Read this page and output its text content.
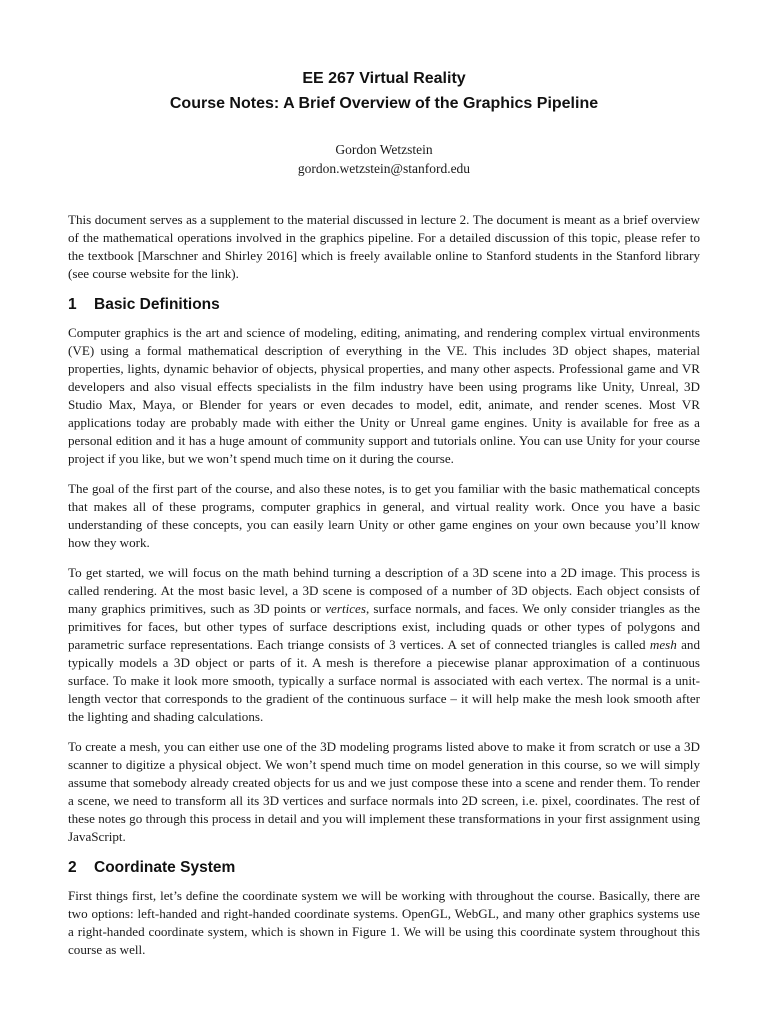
EE 267 Virtual Reality
Course Notes: A Brief Overview of the Graphics Pipeline
Gordon Wetzstein
gordon.wetzstein@stanford.edu

This document serves as a supplement to the material discussed in lecture 2. The document is meant as a brief overview of the mathematical operations involved in the graphics pipeline. For a detailed discussion of this topic, please refer to the textbook [Marschner and Shirley 2016] which is freely available online to Stanford students in the Stanford library (see course website for the link).

1 Basic Definitions

Computer graphics is the art and science of modeling, editing, animating, and rendering complex virtual environments (VE) using a formal mathematical description of everything in the VE. This includes 3D object shapes, material properties, lights, dynamic behavior of objects, physical properties, and many other aspects. Professional game and VR developers and also visual effects specialists in the film industry have been using programs like Unity, Unreal, 3D Studio Max, Maya, or Blender for years or even decades to model, edit, animate, and render scenes. Most VR applications today are probably made with either the Unity or Unreal game engines. Unity is available for free as a personal edition and it has a huge amount of community support and tutorials online. You can use Unity for your course project if you like, but we won’t spend much time on it during the course.

The goal of the first part of the course, and also these notes, is to get you familiar with the basic mathematical concepts that makes all of these programs, computer graphics in general, and virtual reality work. Once you have a basic understanding of these concepts, you can easily learn Unity or other game engines on your own because you’ll know how they work.

To get started, we will focus on the math behind turning a description of a 3D scene into a 2D image. This process is called rendering. At the most basic level, a 3D scene is composed of a number of 3D objects. Each object consists of many graphics primitives, such as 3D points or vertices, surface normals, and faces. We only consider triangles as the primitives for faces, but other types of surface descriptions exist, including quads or other types of polygons and parametric surface representations. Each triange consists of 3 vertices. A set of connected triangles is called mesh and typically models a 3D object or parts of it. A mesh is therefore a piecewise planar approximation of a continuous surface. To make it look more smooth, typically a surface normal is associated with each vertex. The normal is a unit-length vector that corresponds to the gradient of the continuous surface – it will help make the mesh look smooth after the lighting and shading calculations.

To create a mesh, you can either use one of the 3D modeling programs listed above to make it from scratch or use a 3D scanner to digitize a physical object. We won’t spend much time on model generation in this course, so we will simply assume that somebody already created objects for us and we just compose these into a scene and render them. To render a scene, we need to transform all its 3D vertices and surface normals into 2D screen, i.e. pixel, coordinates. The rest of these notes go through this process in detail and you will implement these transformations in your first assignment using JavaScript.

2 Coordinate System

First things first, let’s define the coordinate system we will be working with throughout the course. Basically, there are two options: left-handed and right-handed coordinate systems. OpenGL, WebGL, and many other graphics systems use a right-handed coordinate system, which is shown in Figure 1. We will be using this coordinate system throughout this course as well.
